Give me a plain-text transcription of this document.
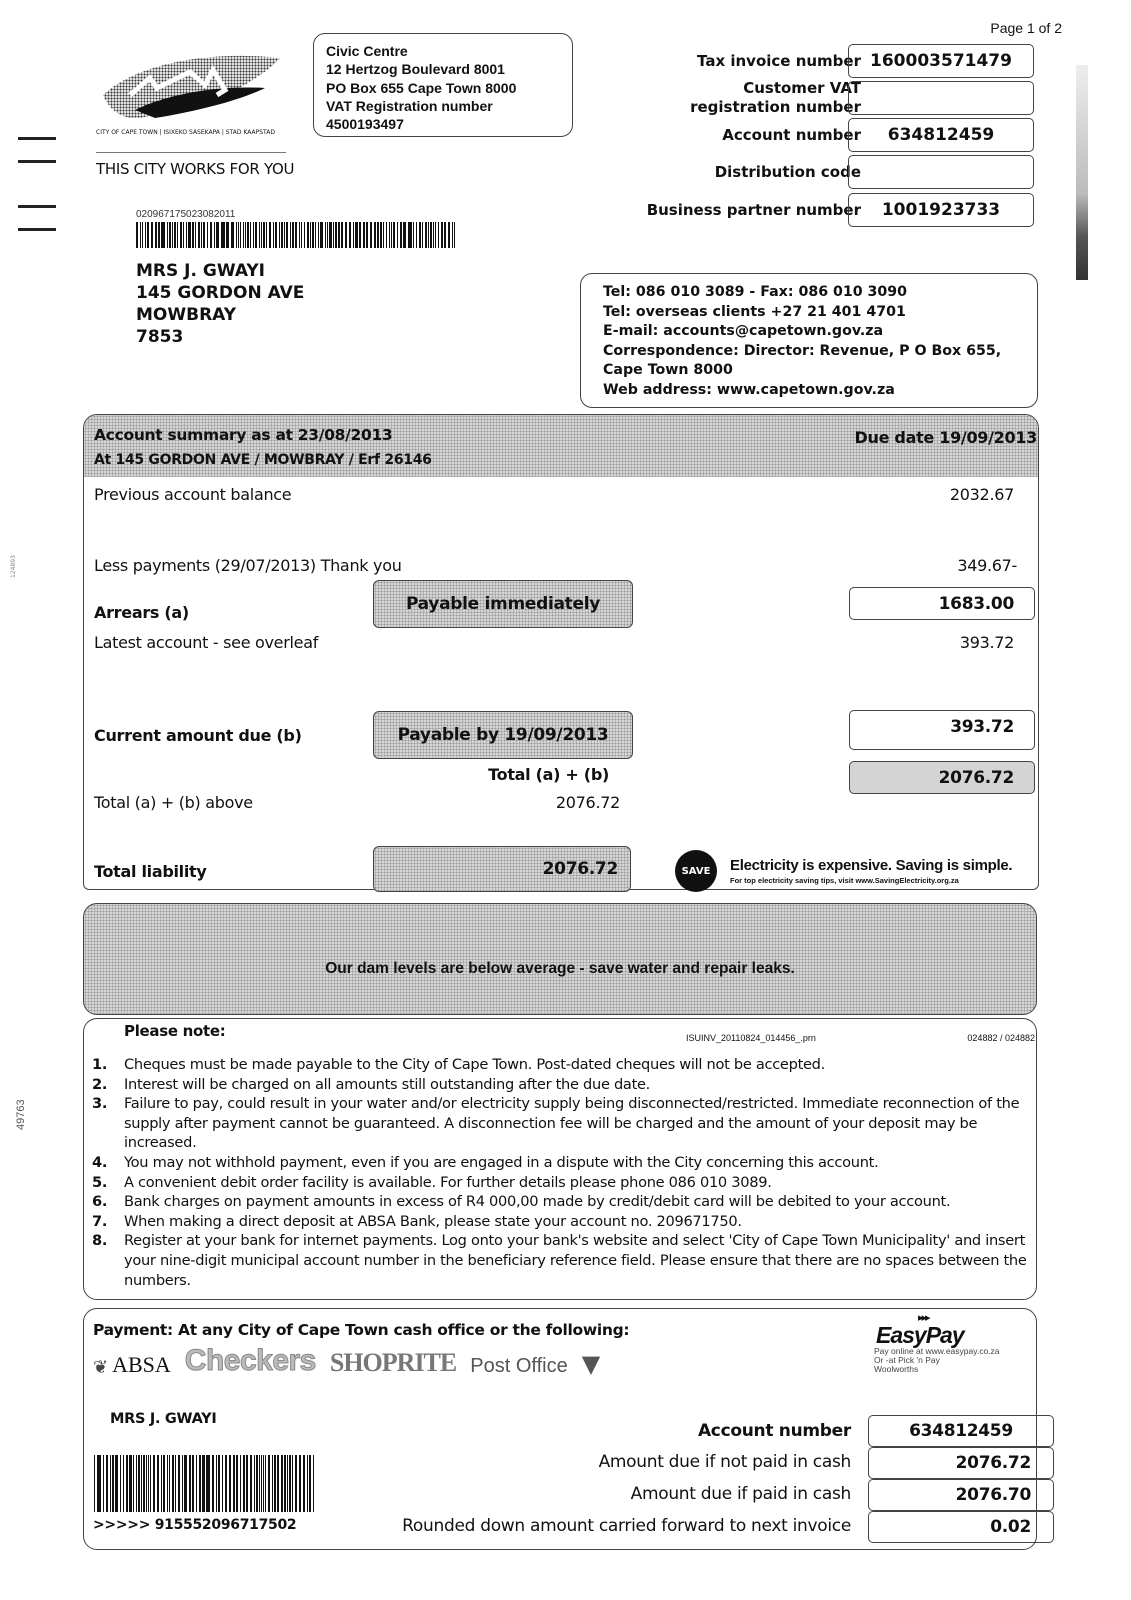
124893
49763
Page 1 of 2
CITY OF CAPE TOWN | ISIXEKO SASEKAPA | STAD KAAPSTAD
THIS CITY WORKS FOR YOU
Civic Centre
12 Hertzog Boulevard 8001
PO Box 655 Cape Town 8000
VAT Registration number
4500193497
Tax invoice number 160003571479
Customer VAT registration number
Account number	634812459
Distribution code
Business partner number	1001923733
020967175023082011
MRS J. GWAYI
145 GORDON AVE
MOWBRAY
7853
Tel: 086 010 3089 - Fax: 086 010 3090
Tel: overseas clients +27 21 401 4701
E-mail: accounts@capetown.gov.za
Correspondence: Director: Revenue, P O Box 655,
Cape Town 8000
Web address: www.capetown.gov.za
Account summary as at 23/08/2013
At 145 GORDON AVE / MOWBRAY / Erf 26146
Due date 19/09/2013
Previous account balance	2032.67
Less payments (29/07/2013) Thank you	349.67-
Arrears (a)	Payable immediately	1683.00
Latest account - see overleaf	393.72
Current amount due (b)	Payable by 19/09/2013	393.72
Total (a) + (b)	2076.72
Total (a) + (b) above	2076.72
Total liability	2076.72	SAVE Electricity is expensive. Saving is simple.
For top electricity saving tips, visit www.SavingElectricity.org.za
Our dam levels are below average - save water and repair leaks.
Please note:	ISUINV_20110824_014456_.prn	024882 / 024882
1. Cheques must be made payable to the City of Cape Town. Post-dated cheques will not be accepted.
2. Interest will be charged on all amounts still outstanding after the due date.
3. Failure to pay, could result in your water and/or electricity supply being disconnected/restricted. Immediate reconnection of the supply after payment cannot be guaranteed. A disconnection fee will be charged and the amount of your deposit may be increased.
4. You may not withhold payment, even if you are engaged in a dispute with the City concerning this account.
5. A convenient debit order facility is available. For further details please phone 086 010 3089.
6. Bank charges on payment amounts in excess of R4 000,00 made by credit/debit card will be debited to your account.
7. When making a direct deposit at ABSA Bank, please state your account no. 209671750.
8. Register at your bank for internet payments. Log onto your bank's website and select 'City of Cape Town Municipality' and insert your nine-digit municipal account number in the beneficiary reference field. Please ensure that there are no spaces between the numbers.
Payment: At any City of Cape Town cash office or the following:
❦ ABSA Checkers SHOPRITE Post Office ▼
▸▸▸
EasyPay
Pay online at www.easypay.co.za
Or -at Pick 'n Pay
Woolworths
MRS J. GWAYI
>>>>> 915552096717502
Account number	634812459
Amount due if not paid in cash	2076.72
Amount due if paid in cash	2076.70
Rounded down amount carried forward to next invoice	0.02
